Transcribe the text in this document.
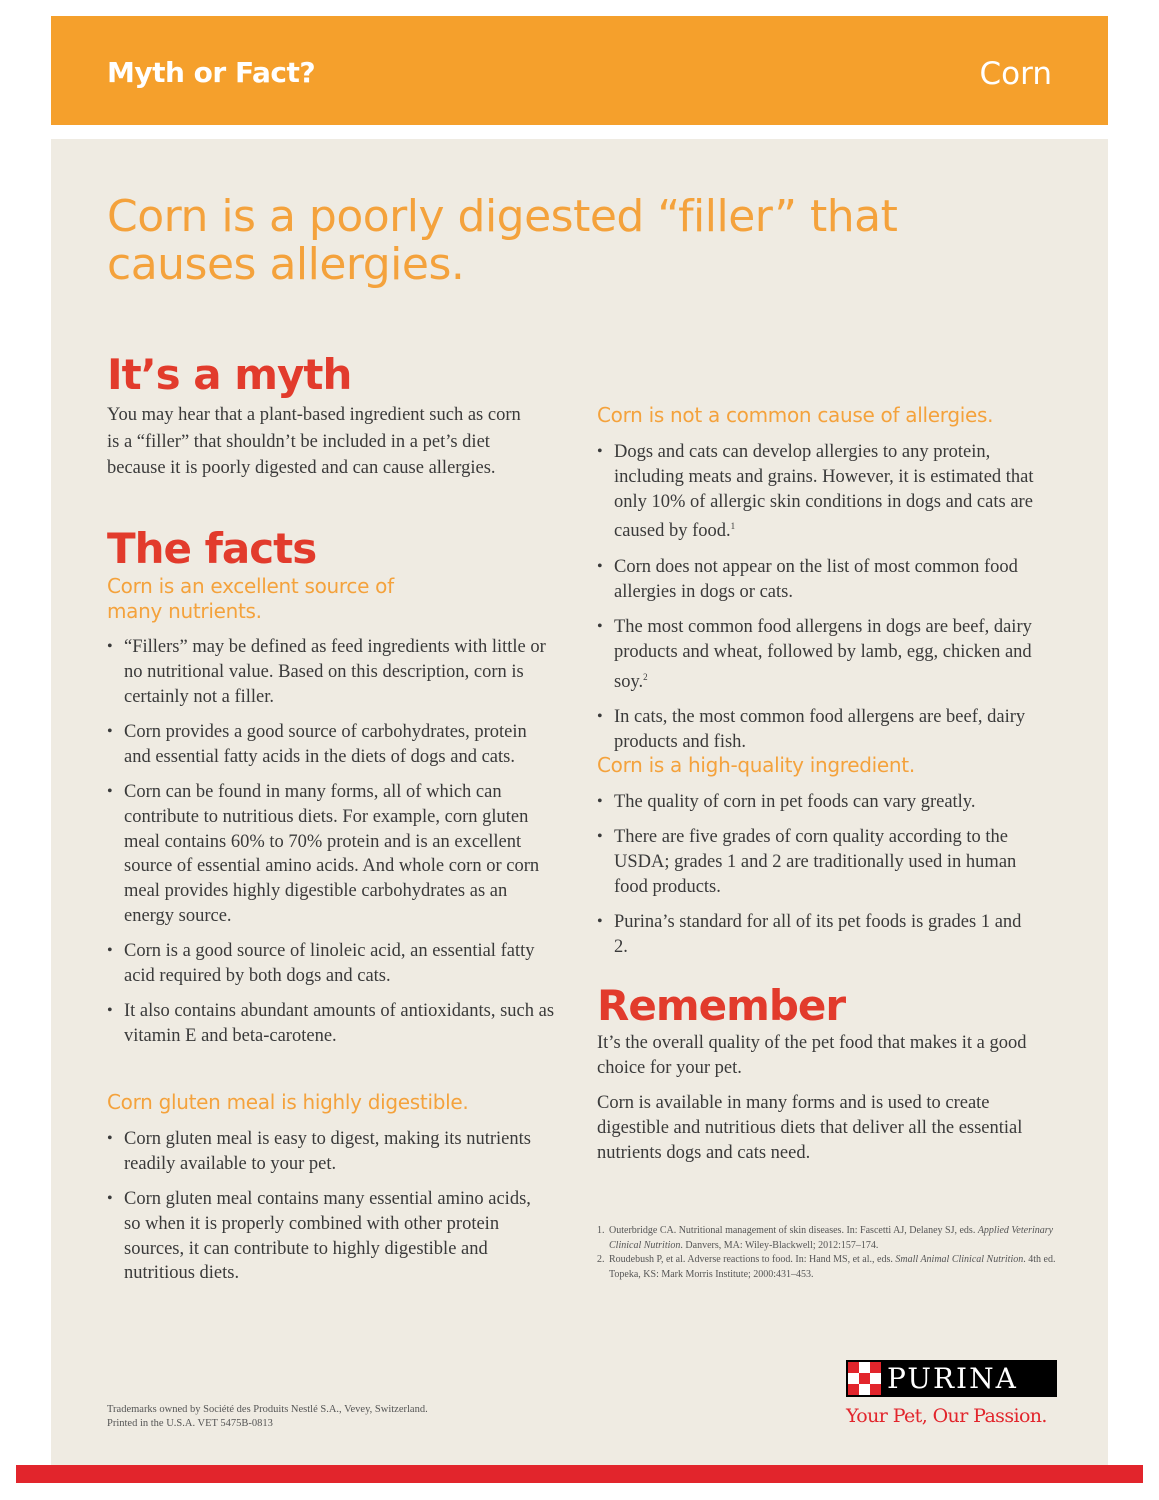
Myth or Fact?	Corn
Corn is a poorly digested “filler” that causes allergies.
It’s a myth

You may hear that a plant-based ingredient such as corn is a “filler” that shouldn’t be included in a pet’s diet because it is poorly digested and can cause allergies.

The facts
Corn is an excellent source of many nutrients.
• “Fillers” may be defined as feed ingredients with little or no nutritional value. Based on this description, corn is certainly not a filler.
• Corn provides a good source of carbohydrates, protein and essential fatty acids in the diets of dogs and cats.
• Corn can be found in many forms, all of which can contribute to nutritious diets. For example, corn gluten meal contains 60% to 70% protein and is an excellent source of essential amino acids. And whole corn or corn meal provides highly digestible carbohydrates as an energy source.
• Corn is a good source of linoleic acid, an essential fatty acid required by both dogs and cats.
• It also contains abundant amounts of antioxidants, such as vitamin E and beta-carotene.
Corn gluten meal is highly digestible.
• Corn gluten meal is easy to digest, making its nutrients readily available to your pet.
• Corn gluten meal contains many essential amino acids, so when it is properly combined with other protein sources, it can contribute to highly digestible and nutritious diets.
Corn is not a common cause of allergies.
• Dogs and cats can develop allergies to any protein, including meats and grains. However, it is estimated that only 10% of allergic skin conditions in dogs and cats are caused by food.$^1$
• Corn does not appear on the list of most common food allergies in dogs or cats.
• The most common food allergens in dogs are beef, dairy products and wheat, followed by lamb, egg, chicken and soy.$^2$
• In cats, the most common food allergens are beef, dairy products and fish.
Corn is a high-quality ingredient.
• The quality of corn in pet foods can vary greatly.
• There are five grades of corn quality according to the USDA; grades 1 and 2 are traditionally used in human food products.
• Purina’s standard for all of its pet foods is grades 1 and 2.
Remember

It’s the overall quality of the pet food that makes it a good choice for your pet.

Corn is available in many forms and is used to create digestible and nutritious diets that deliver all the essential nutrients dogs and cats need.

1. Outerbridge CA. Nutritional management of skin diseases. In: Fascetti AJ, Delaney SJ, eds. Applied Veterinary Clinical Nutrition. Danvers, MA: Wiley-Blackwell; 2012:157–174.
2. Roudebush P, et al. Adverse reactions to food. In: Hand MS, et al., eds. Small Animal Clinical Nutrition. 4th ed. Topeka, KS: Mark Morris Institute; 2000:431–453.
Trademarks owned by Société des Produits Nestlé S.A., Vevey, Switzerland.
Printed in the U.S.A. VET 5475B-0813
PURINA
Your Pet, Our Passion.
